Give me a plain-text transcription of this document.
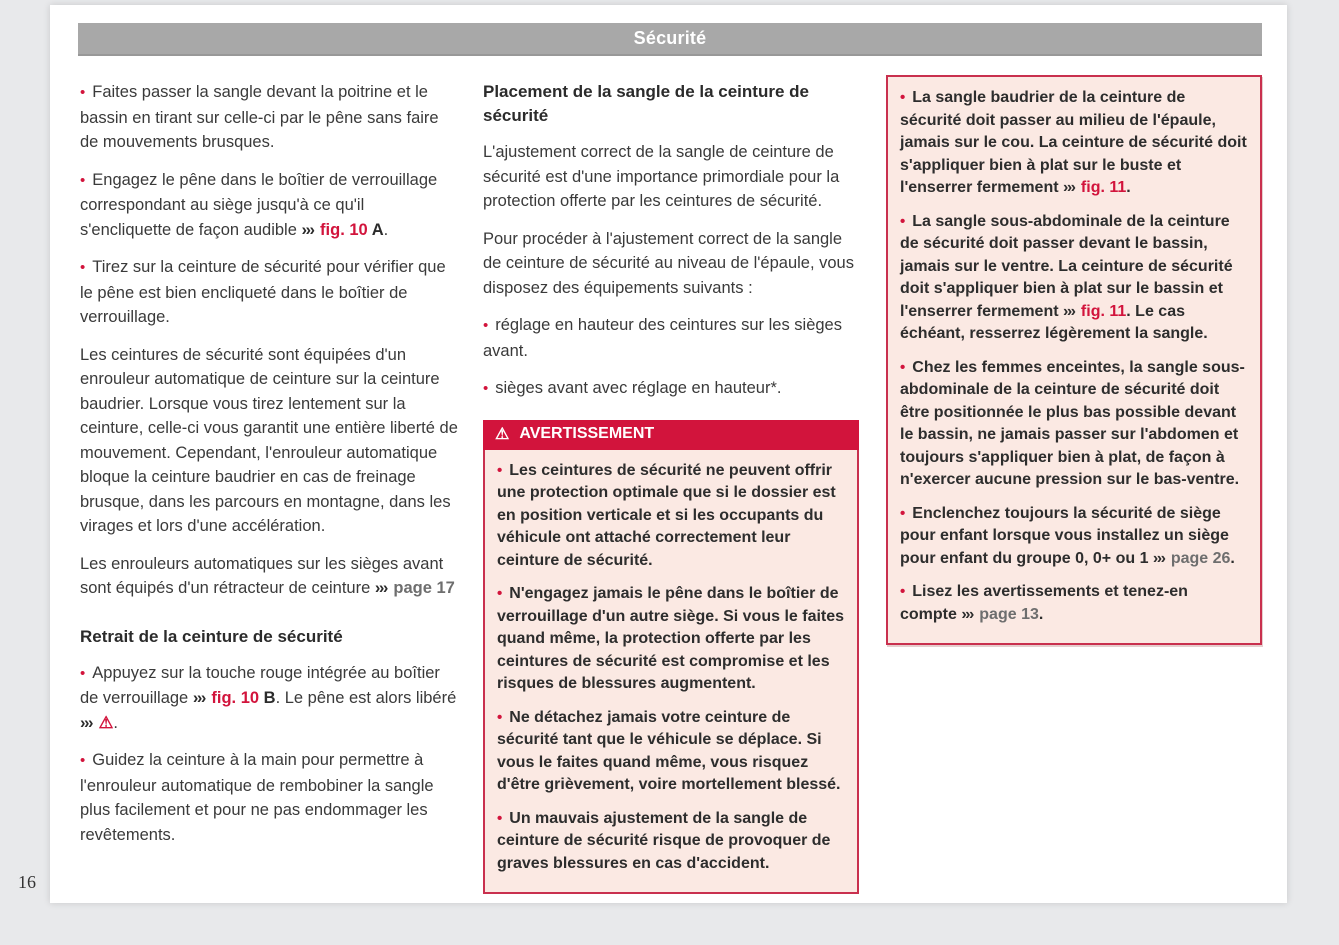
Sécurité

• Faites passer la sangle devant la poitrine et le bassin en tirant sur celle-ci par le pêne sans faire de mouvements brusques.

• Engagez le pêne dans le boîtier de verrouillage correspondant au siège jusqu'à ce qu'il s'encliquette de façon audible ››› fig. 10 A.

• Tirez sur la ceinture de sécurité pour vérifier que le pêne est bien encliqueté dans le boîtier de verrouillage.

Les ceintures de sécurité sont équipées d'un enrouleur automatique de ceinture sur la ceinture baudrier. Lorsque vous tirez lentement sur la ceinture, celle-ci vous garantit une entière liberté de mouvement. Cependant, l'enrouleur automatique bloque la ceinture baudrier en cas de freinage brusque, dans les parcours en montagne, dans les virages et lors d'une accélération.

Les enrouleurs automatiques sur les sièges avant sont équipés d'un rétracteur de ceinture ››› page 17

Retrait de la ceinture de sécurité

• Appuyez sur la touche rouge intégrée au boîtier de verrouillage ››› fig. 10 B. Le pêne est alors libéré ››› ⚠.

• Guidez la ceinture à la main pour permettre à l'enrouleur automatique de rembobiner la sangle plus facilement et pour ne pas endommager les revêtements.

Placement de la sangle de la ceinture de sécurité

L'ajustement correct de la sangle de ceinture de sécurité est d'une importance primordiale pour la protection offerte par les ceintures de sécurité.

Pour procéder à l'ajustement correct de la sangle de ceinture de sécurité au niveau de l'épaule, vous disposez des équipements suivants :

• réglage en hauteur des ceintures sur les sièges avant.

• sièges avant avec réglage en hauteur*.

⚠ AVERTISSEMENT

• Les ceintures de sécurité ne peuvent offrir une protection optimale que si le dossier est en position verticale et si les occupants du véhicule ont attaché correctement leur ceinture de sécurité.

• N'engagez jamais le pêne dans le boîtier de verrouillage d'un autre siège. Si vous le faites quand même, la protection offerte par les ceintures de sécurité est compromise et les risques de blessures augmentent.

• Ne détachez jamais votre ceinture de sécurité tant que le véhicule se déplace. Si vous le faites quand même, vous risquez d'être grièvement, voire mortellement blessé.

• Un mauvais ajustement de la sangle de ceinture de sécurité risque de provoquer de graves blessures en cas d'accident.

• La sangle baudrier de la ceinture de sécurité doit passer au milieu de l'épaule, jamais sur le cou. La ceinture de sécurité doit s'appliquer bien à plat sur le buste et l'enserrer fermement ››› fig. 11.

• La sangle sous-abdominale de la ceinture de sécurité doit passer devant le bassin, jamais sur le ventre. La ceinture de sécurité doit s'appliquer bien à plat sur le bassin et l'enserrer fermement ››› fig. 11. Le cas échéant, resserrez légèrement la sangle.

• Chez les femmes enceintes, la sangle sous-abdominale de la ceinture de sécurité doit être positionnée le plus bas possible devant le bassin, ne jamais passer sur l'abdomen et toujours s'appliquer bien à plat, de façon à n'exercer aucune pression sur le bas-ventre.

• Enclenchez toujours la sécurité de siège pour enfant lorsque vous installez un siège pour enfant du groupe 0, 0+ ou 1 ››› page 26.

• Lisez les avertissements et tenez-en compte ››› page 13.

16
